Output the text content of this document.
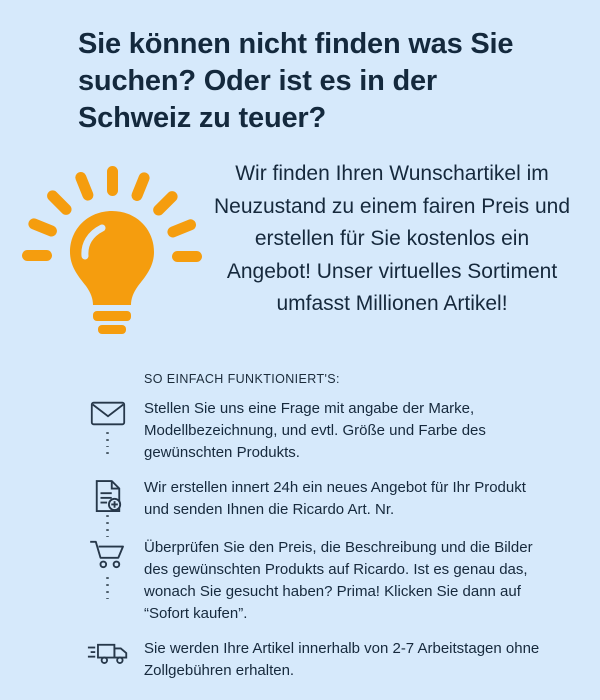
Sie können nicht finden was Sie suchen? Oder ist es in der Schweiz zu teuer?
Wir finden Ihren Wunschartikel im Neuzustand zu einem fairen Preis und erstellen für Sie kostenlos ein Angebot! Unser virtuelles Sortiment umfasst Millionen Artikel!
SO EINFACH FUNKTIONIERT'S:
Stellen Sie uns eine Frage mit angabe der Marke, Modellbezeichnung, und evtl. Größe und Farbe des gewünschten Produkts.
Wir erstellen innert 24h ein neues Angebot für Ihr Produkt und senden Ihnen die Ricardo Art. Nr.
Überprüfen Sie den Preis, die Beschreibung und die Bilder des gewünschten Produkts auf Ricardo. Ist es genau das, wonach Sie gesucht haben? Prima! Klicken Sie dann auf “Sofort kaufen”.
Sie werden Ihre Artikel innerhalb von 2-7 Arbeitstagen ohne Zollgebühren erhalten.
